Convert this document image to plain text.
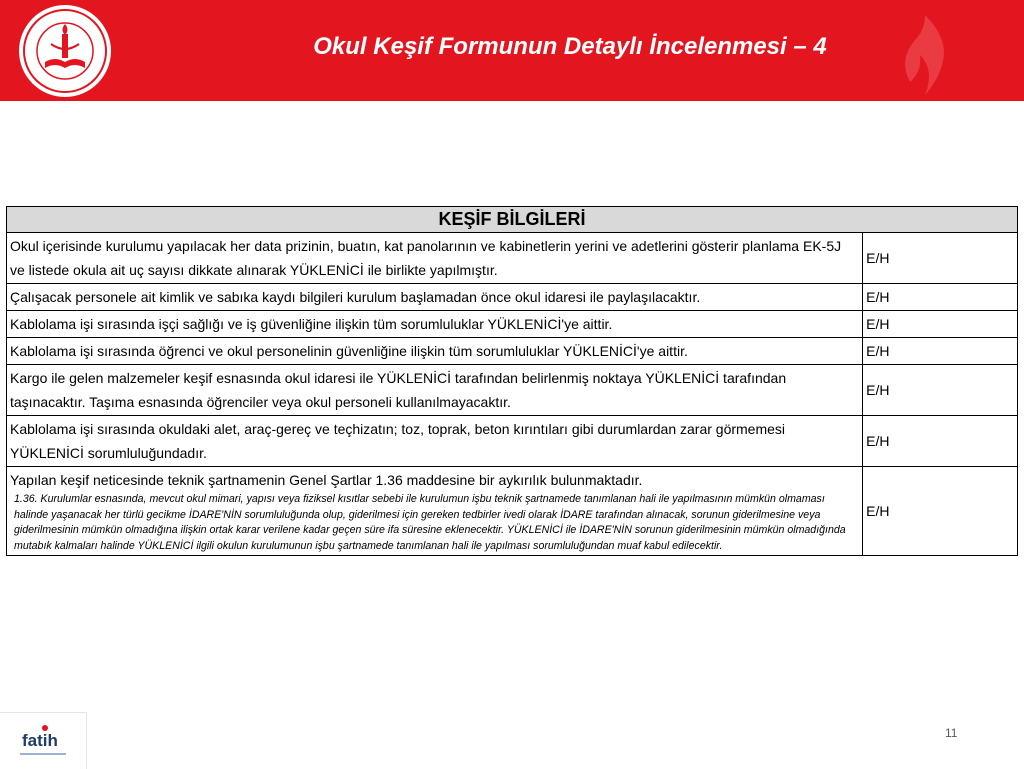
Okul Keşif Formunun Detaylı İncelenmesi – 4
KEŞİF BİLGİLERİ	
Okul içerisinde kurulumu yapılacak her data prizinin, buatın, kat panolarının ve kabinetlerin yerini ve adetlerini gösterir planlama EK-5J ve listede okula ait uç sayısı dikkate alınarak YÜKLENİCİ ile birlikte yapılmıştır.	E/H
Çalışacak personele ait kimlik ve sabıka kaydı bilgileri kurulum başlamadan önce okul idaresi ile paylaşılacaktır.	E/H
Kablolama işi sırasında işçi sağlığı ve iş güvenliğine ilişkin tüm sorumluluklar YÜKLENİCİ'ye aittir.	E/H
Kablolama işi sırasında öğrenci ve okul personelinin güvenliğine ilişkin tüm sorumluluklar YÜKLENİCİ'ye aittir.	E/H
Kargo ile gelen malzemeler keşif esnasında okul idaresi ile YÜKLENİCİ tarafından belirlenmiş noktaya YÜKLENİCİ tarafından taşınacaktır. Taşıma esnasında öğrenciler veya okul personeli kullanılmayacaktır.	E/H
Kablolama işi sırasında okuldaki alet, araç-gereç ve teçhizatın; toz, toprak, beton kırıntıları gibi durumlardan zarar görmemesi YÜKLENİCİ sorumluluğundadır.	E/H
Yapılan keşif neticesinde teknik şartnamenin Genel Şartlar 1.36 maddesine bir aykırılık bulunmaktadır.
1.36. Kurulumlar esnasında, mevcut okul mimari, yapısı veya fiziksel kısıtlar sebebi ile kurulumun işbu teknik şartnamede tanımlanan hali ile yapılmasının mümkün olmaması halinde yaşanacak her türlü gecikme İDARE'NİN sorumluluğunda olup, giderilmesi için gereken tedbirler ivedi olarak İDARE tarafından alınacak, sorunun giderilmesine veya giderilmesinin mümkün olmadığına ilişkin ortak karar verilene kadar geçen süre ifa süresine eklenecektir. YÜKLENİCİ ile İDARE'NİN sorunun giderilmesinin mümkün olmadığında mutabık kalmaları halinde YÜKLENİCİ ilgili okulun kurulumunun işbu şartnamede tanımlanan hali ile yapılması sorumluluğundan muaf kabul edilecektir.	E/H
fatih	11
